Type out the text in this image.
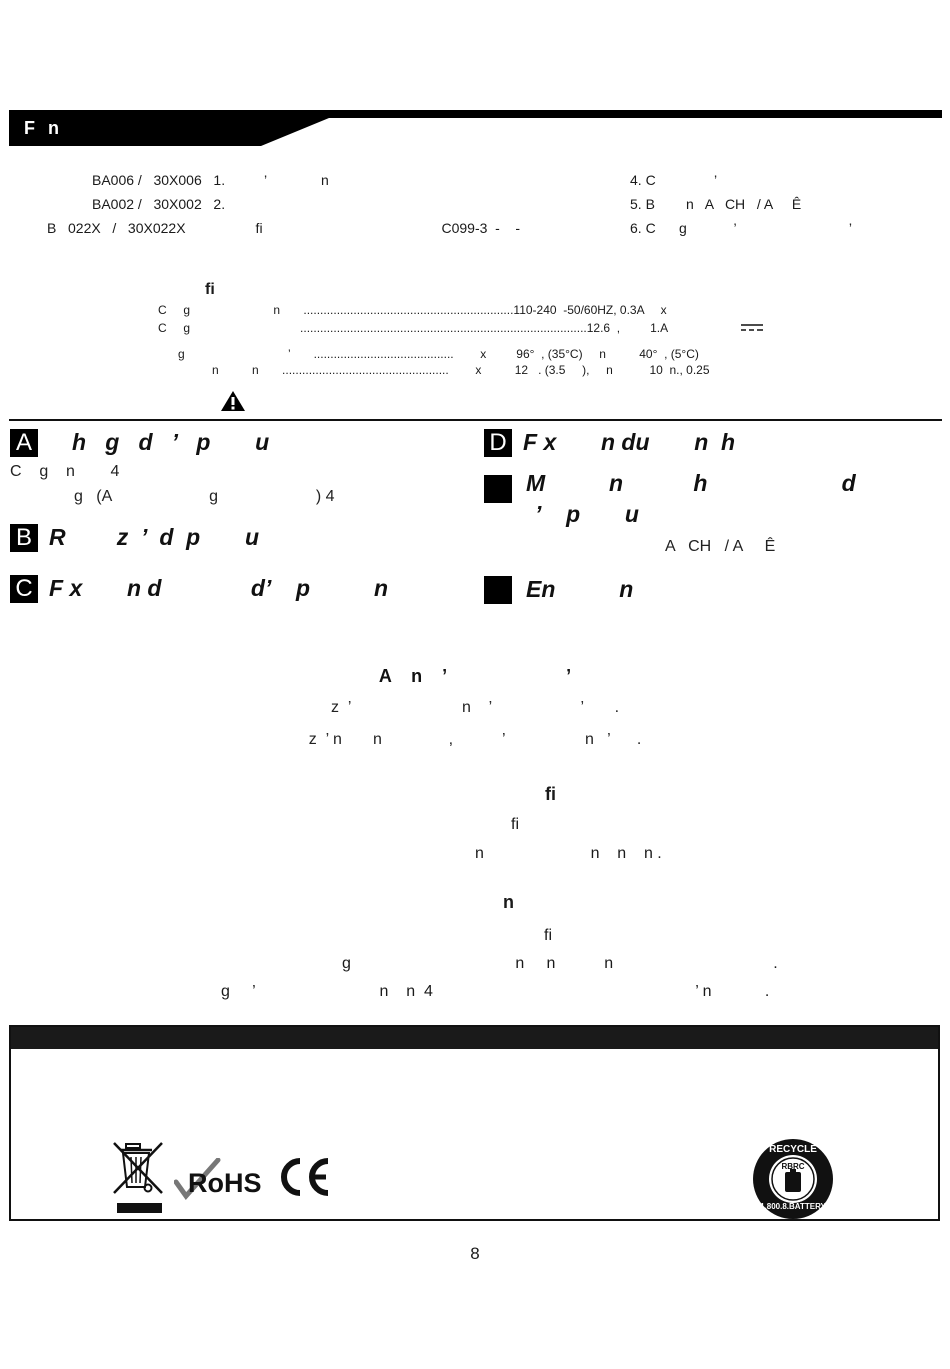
F  n
BA006 /   30X006   1.          ’              n
BA002 /   30X002   2.
B   022X   /   30X022X                  fi                                              C099-3  -    -
4. C               ’
5. B        n   A   CH   / A     Ê
6. C      g            ’                             ’
fi
C     g                         n       ...............................................................110-240  -50/60HZ, 0.3A     x
C     g                                 ......................................................................................12.6  ,         1.A
g                               ’       ..........................................        x         96°  , (35°C)     n          40°  , (5°C)
n          n       ..................................................        x          12   . (3.5     ),     n           10  n., 0.25
A h   g   d   ’   p       u
C    g    n        4
g   (A                      g                      ) 4
B R        z  ’  d  p       u
C F x       n d              d’    p          n
D F x       n du       n  h
M          n           h                     d
’    p       u
A   CH   / A     Ê
En          n
A    n    ’                        ’
z  ’                         n    ’                    ’       .
z  ’ n       n               ,           ’                  n   ’      .
fi
fi
n                        n    n    n .
n
fi
g                                     n     n           n                                    .
g     ’                            n    n  4                                                           ’ n            .

RoHS

RECYCLE

RBRC

1.800.8.BATTERY

8
